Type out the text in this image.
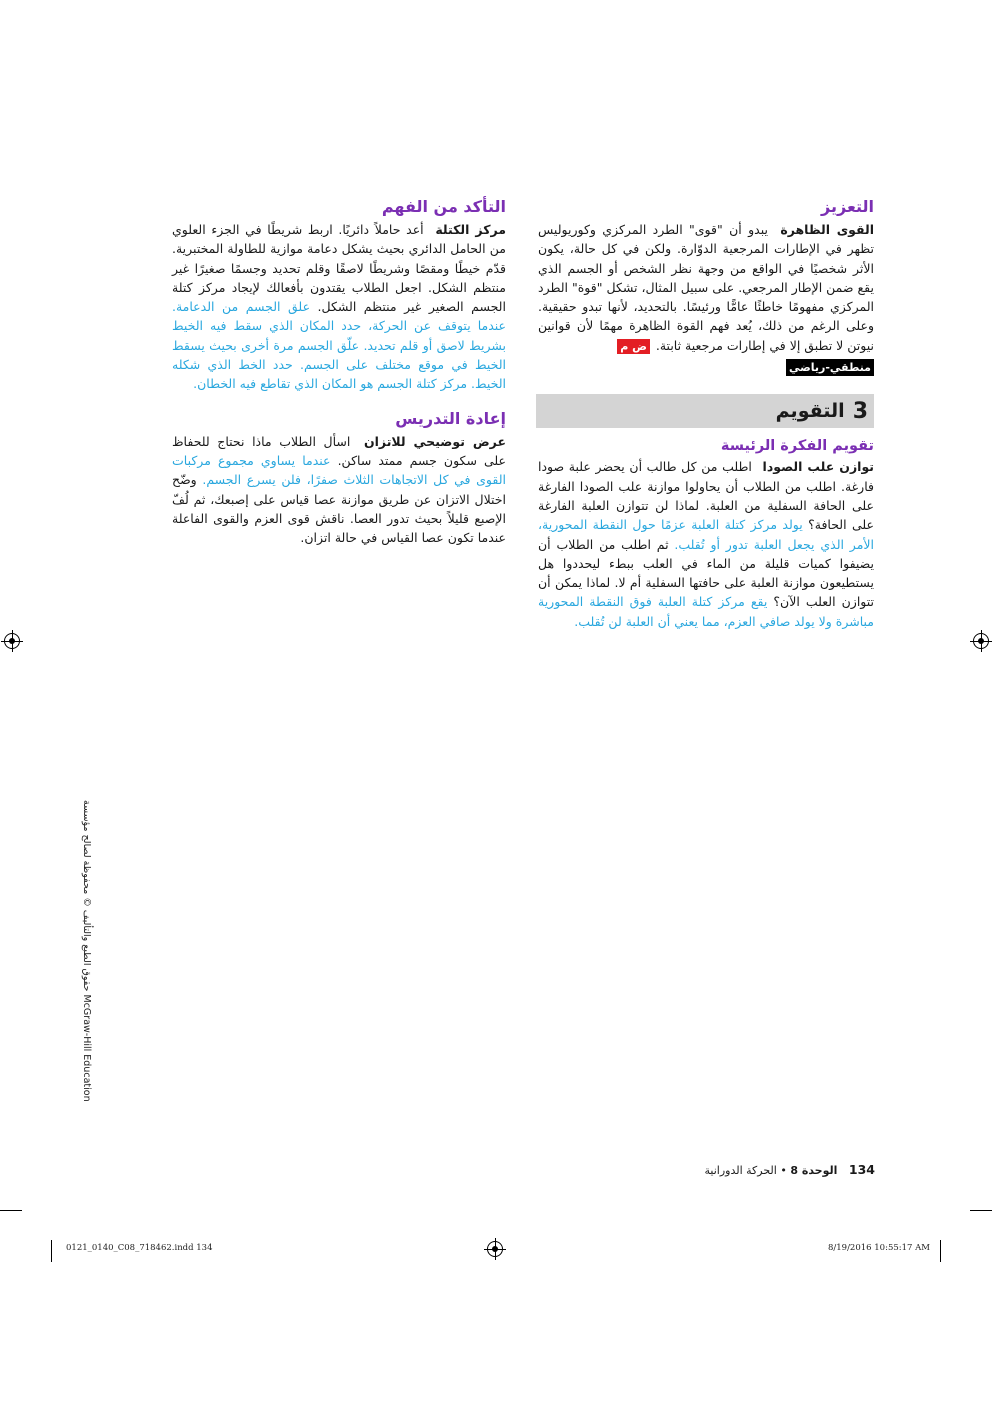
التعزيز

القوى الظاهرة يبدو أن "قوى" الطرد المركزي وكوريوليس تظهر في الإطارات المرجعية الدوّارة. ولكن في كل حالة، يكون الأثر شخصيًا في الواقع من وجهة نظر الشخص أو الجسم الذي يقع ضمن الإطار المرجعي. على سبيل المثال، تشكل "قوة" الطرد المركزي مفهومًا خاطئًا عامًّا ورئيسًا. بالتحديد، لأنها تبدو حقيقية. وعلى الرغم من ذلك، يُعد فهم القوة الظاهرة مهمًا لأن قوانين نيوتن لا تطبق إلا في إطارات مرجعية ثابتة. ض م

منطقي-رياضي
3
التقويم
تقويم الفكرة الرئيسة

توازن علب الصودا اطلب من كل طالب أن يحضر علبة صودا فارغة. اطلب من الطلاب أن يحاولوا موازنة علب الصودا الفارغة على الحافة السفلية من العلبة. لماذا لن تتوازن العلبة الفارغة على الحافة؟ يولد مركز كتلة العلبة عزمًا حول النقطة المحورية، الأمر الذي يجعل العلبة تدور أو تُقلب. ثم اطلب من الطلاب أن يضيفوا كميات قليلة من الماء في العلب ببطء ليحددوا هل يستطيعون موازنة العلبة على حافتها السفلية أم لا. لماذا يمكن أن تتوازن العلب الآن؟ يقع مركز كتلة العلبة فوق النقطة المحورية مباشرة ولا يولد صافي العزم، مما يعني أن العلبة لن تُقلب.

التأكد من الفهم

مركز الكتلة أعد حاملاً دائريًا. اربط شريطًا في الجزء العلوي من الحامل الدائري بحيث يشكل دعامة موازية للطاولة المختبرية. قدّم خيطًا ومقصًا وشريطًا لاصقًا وقلم تحديد وجسمًا صغيرًا غير منتظم الشكل. اجعل الطلاب يقتدون بأفعالك لإيجاد مركز كتلة الجسم الصغير غير منتظم الشكل. علق الجسم من الدعامة. عندما يتوقف عن الحركة، حدد المكان الذي سقط فيه الخيط بشريط لاصق أو قلم تحديد. علّق الجسم مرة أخرى بحيث يسقط الخيط في موقع مختلف على الجسم. حدد الخط الذي شكله الخيط. مركز كتلة الجسم هو المكان الذي تقاطع فيه الخطان.

إعادة التدريس

عرض توضيحي للاتزان اسأل الطلاب ماذا نحتاج للحفاظ على سكون جسم ممتد ساكن. عندما يساوي مجموع مركبات القوى في كل الاتجاهات الثلاث صفرًا، فلن يسرع الجسم. وضّح اختلال الاتزان عن طريق موازنة عصا قياس على إصبعك، ثم لُفّ الإصبع قليلاً بحيث تدور العصا. ناقش قوى العزم والقوى الفاعلة عندما تكون عصا القياس في حالة اتزان.

134 الوحدة 8 • الحركة الدورانية
حقوق الطبع والتأليف © محفوظة لصالح مؤسسة McGraw-Hill Education
0121_0140_C08_718462.indd 134	8/19/2016 10:55:17 AM
